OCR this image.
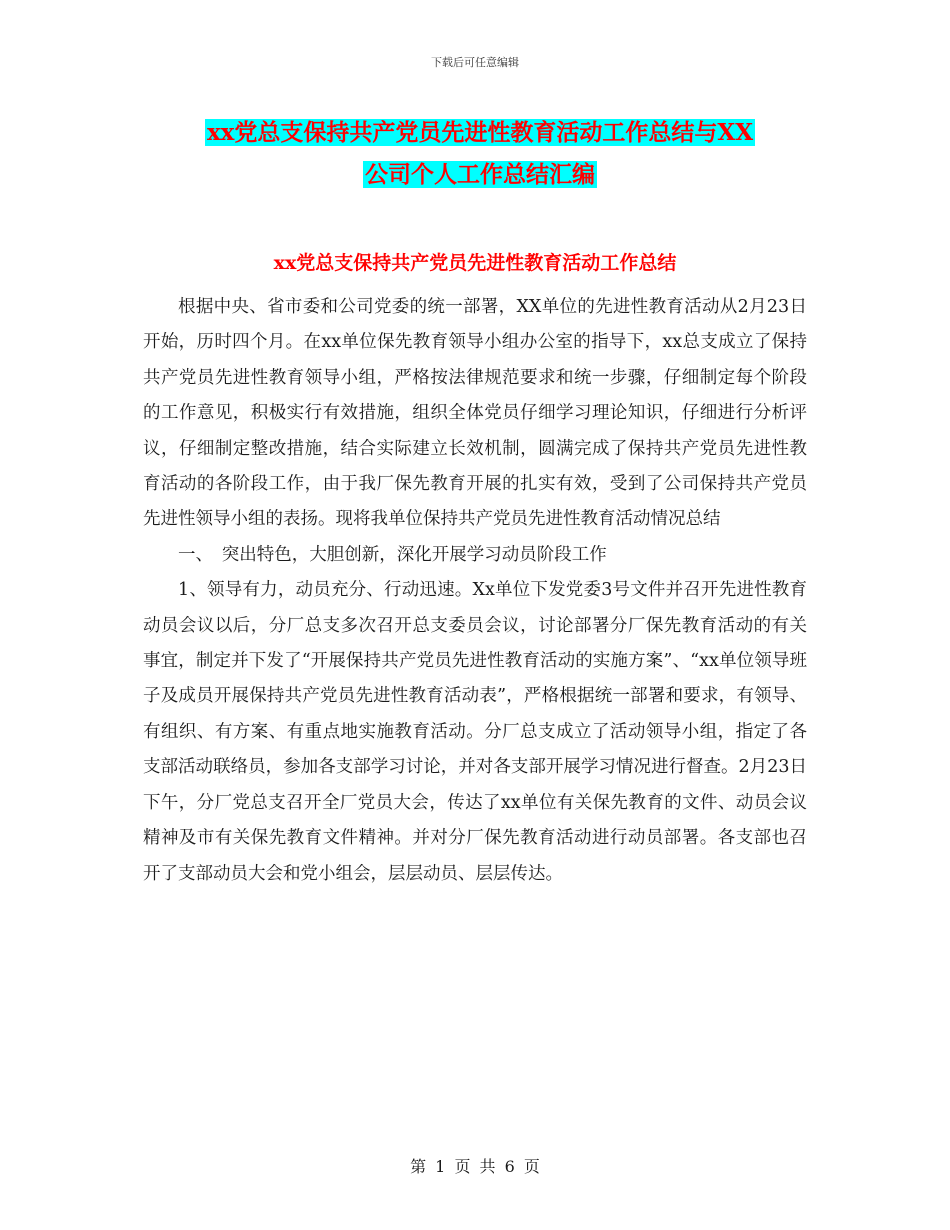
下载后可任意编辑
xx党总支保持共产党员先进性教育活动工作总结与XX
公司个人工作总结汇编
xx党总支保持共产党员先进性教育活动工作总结

根据中央、省市委和公司党委的统一部署，XX单位的先进性教育活动从2月23日开始，历时四个月。在xx单位保先教育领导小组办公室的指导下，xx总支成立了保持共产党员先进性教育领导小组，严格按法律规范要求和统一步骤，仔细制定每个阶段的工作意见，积极实行有效措施，组织全体党员仔细学习理论知识，仔细进行分析评议，仔细制定整改措施，结合实际建立长效机制，圆满完成了保持共产党员先进性教育活动的各阶段工作，由于我厂保先教育开展的扎实有效，受到了公司保持共产党员先进性领导小组的表扬。现将我单位保持共产党员先进性教育活动情况总结

一、　突出特色，大胆创新，深化开展学习动员阶段工作

1、领导有力，动员充分、行动迅速。Xx单位下发党委3号文件并召开先进性教育动员会议以后，分厂总支多次召开总支委员会议，讨论部署分厂保先教育活动的有关事宜，制定并下发了“开展保持共产党员先进性教育活动的实施方案”、“xx单位领导班子及成员开展保持共产党员先进性教育活动表”，严格根据统一部署和要求，有领导、有组织、有方案、有重点地实施教育活动。分厂总支成立了活动领导小组，指定了各支部活动联络员，参加各支部学习讨论，并对各支部开展学习情况进行督查。2月23日下午，分厂党总支召开全厂党员大会，传达了xx单位有关保先教育的文件、动员会议精神及市有关保先教育文件精神。并对分厂保先教育活动进行动员部署。各支部也召开了支部动员大会和党小组会，层层动员、层层传达。

第 1 页 共 6 页
